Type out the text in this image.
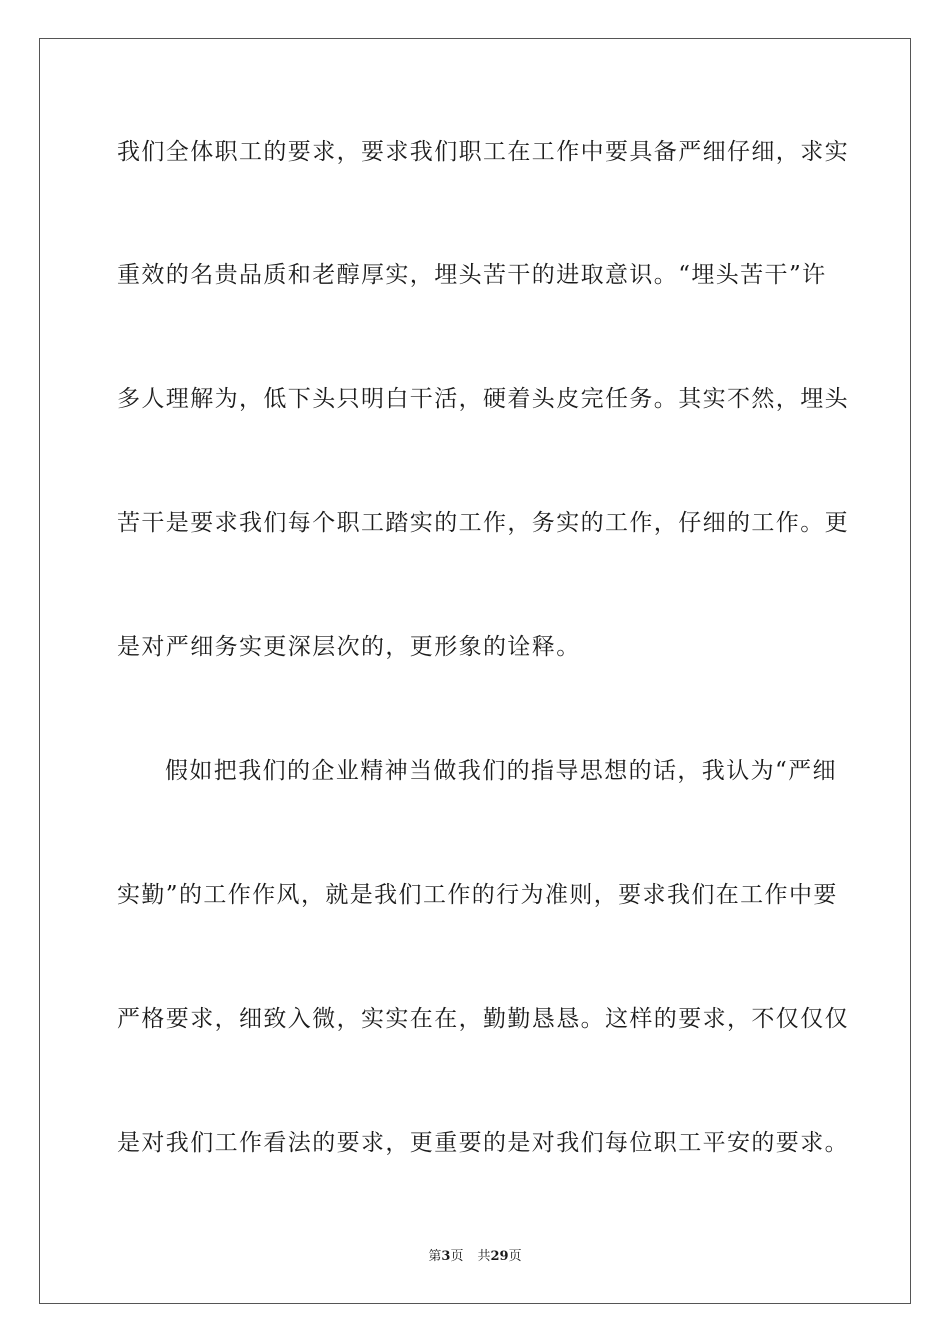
我们全体职工的要求，要求我们职工在工作中要具备严细仔细，求实
重效的名贵品质和老醇厚实，埋头苦干的进取意识。“埋头苦干”许
多人理解为，低下头只明白干活，硬着头皮完任务。其实不然，埋头
苦干是要求我们每个职工踏实的工作，务实的工作，仔细的工作。更
是对严细务实更深层次的，更形象的诠释。
假如把我们的企业精神当做我们的指导思想的话，我认为“严细
实勤”的工作作风，就是我们工作的行为准则，要求我们在工作中要
严格要求，细致入微，实实在在，勤勤恳恳。这样的要求，不仅仅仅
是对我们工作看法的要求，更重要的是对我们每位职工平安的要求。
第3页 共29页
